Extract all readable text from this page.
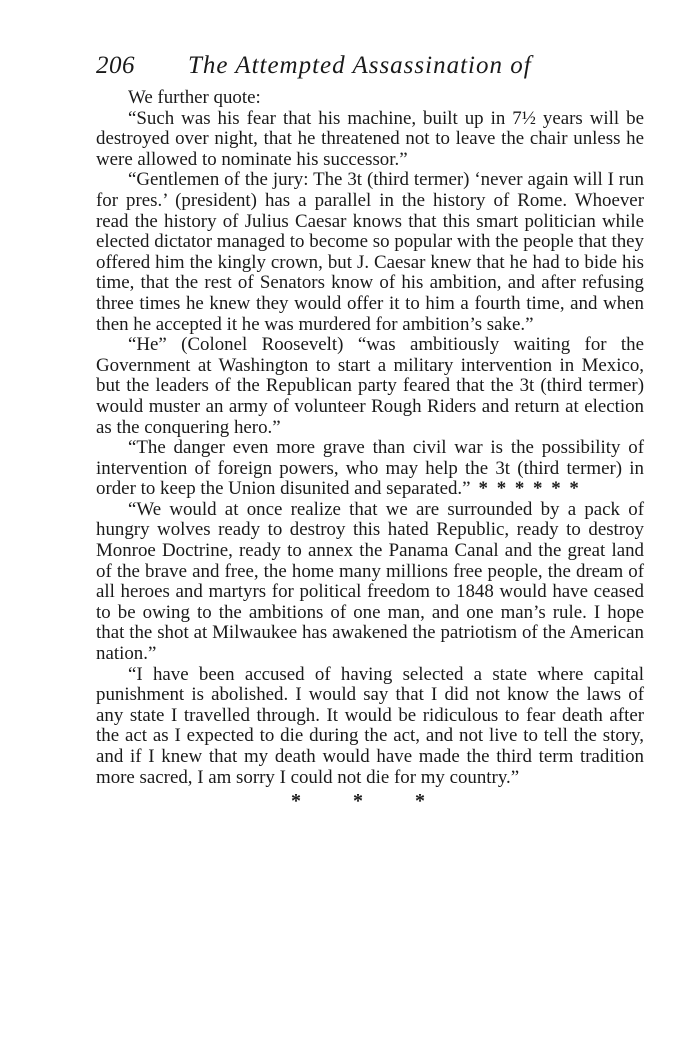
206	The Attempted Assassination of

We further quote:

“Such was his fear that his machine, built up in 7½ years will be destroyed over night, that he threatened not to leave the chair unless he were allowed to nominate his successor.”

“Gentlemen of the jury: The 3t (third termer) ‘never again will I run for pres.’ (president) has a parallel in the history of Rome. Whoever read the history of Julius Caesar knows that this smart politician while elected dictator managed to become so popular with the people that they offered him the kingly crown, but J. Caesar knew that he had to bide his time, that the rest of Senators know of his ambition, and after refusing three times he knew they would offer it to him a fourth time, and when then he accepted it he was murdered for ambition’s sake.”

“He” (Colonel Roosevelt) “was ambitiously waiting for the Government at Washington to start a military intervention in Mexico, but the leaders of the Republican party feared that the 3t (third termer) would muster an army of volunteer Rough Riders and return at election as the conquering hero.”

“The danger even more grave than civil war is the possibility of intervention of foreign powers, who may help the 3t (third termer) in order to keep the Union disunited and separated.” * * * * * *

“We would at once realize that we are surrounded by a pack of hungry wolves ready to destroy this hated Republic, ready to destroy Monroe Doctrine, ready to annex the Panama Canal and the great land of the brave and free, the home many millions free people, the dream of all heroes and martyrs for political freedom to 1848 would have ceased to be owing to the ambitions of one man, and one man’s rule. I hope that the shot at Milwaukee has awakened the patriotism of the American nation.”

“I have been accused of having selected a state where capital punishment is abolished. I would say that I did not know the laws of any state I travelled through. It would be ridiculous to fear death after the act as I expected to die during the act, and not live to tell the story, and if I knew that my death would have made the third term tradition more sacred, I am sorry I could not die for my country.”

*	*	*
